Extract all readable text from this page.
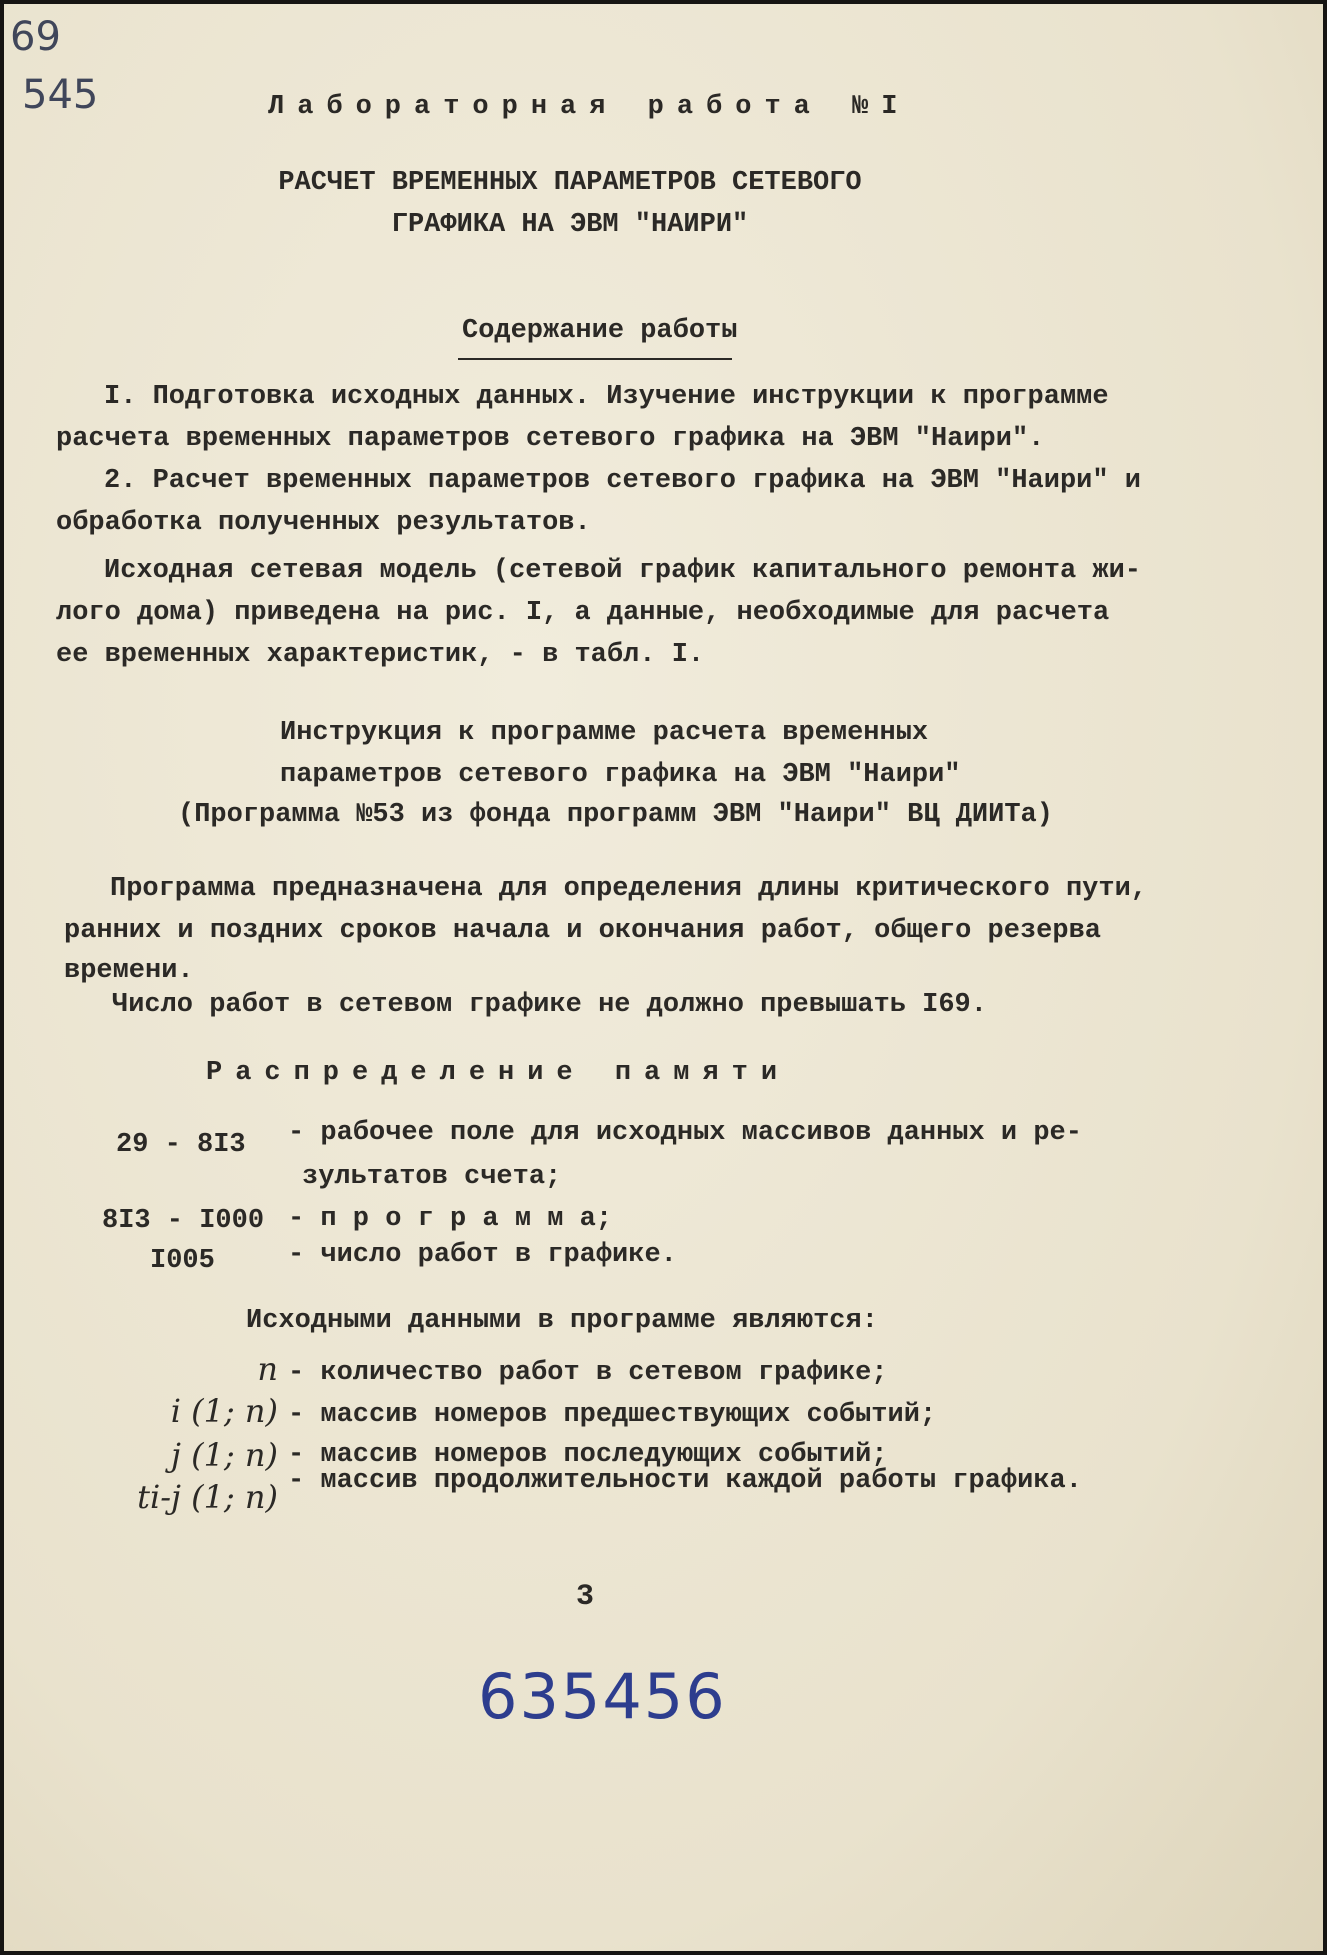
69
545	Лабораторная работа №I
РАСЧЕТ ВРЕМЕННЫХ ПАРАМЕТРОВ СЕТЕВОГО
ГРАФИКА НА ЭВМ "НАИРИ"
Содержание работы
I. Подготовка исходных данных. Изучение инструкции к программе
расчета временных параметров сетевого графика на ЭВМ "Наири".
2. Расчет временных параметров сетевого графика на ЭВМ "Наири" и
обработка полученных результатов.
Исходная сетевая модель (сетевой график капитального ремонта жи-
лого дома) приведена на рис. I, а данные, необходимые для расчета
ее временных характеристик, - в табл. I.
Инструкция к программе расчета временных
параметров сетевого графика на ЭВМ "Наири"
(Программа №53 из фонда программ ЭВМ "Наири" ВЦ ДИИТа)
Программа предназначена для определения длины критического пути,
ранних и поздних сроков начала и окончания работ, общего резерва
времени.
Число работ в сетевом графике не должно превышать I69.
Распределение памяти
29 - 8I3 - рабочее поле для исходных массивов данных и ре-
зультатов счета;
8I3 - I000 - п р о г р а м м а;
I005	- число работ в графике.
Исходными данными в программе являются:
n - количество работ в сетевом графике;
i (1; n) - массив номеров предшествующих событий;
j (1; n) - массив номеров последующих событий;
ti-j (1; n) - массив продолжительности каждой работы графика.
3
635456
